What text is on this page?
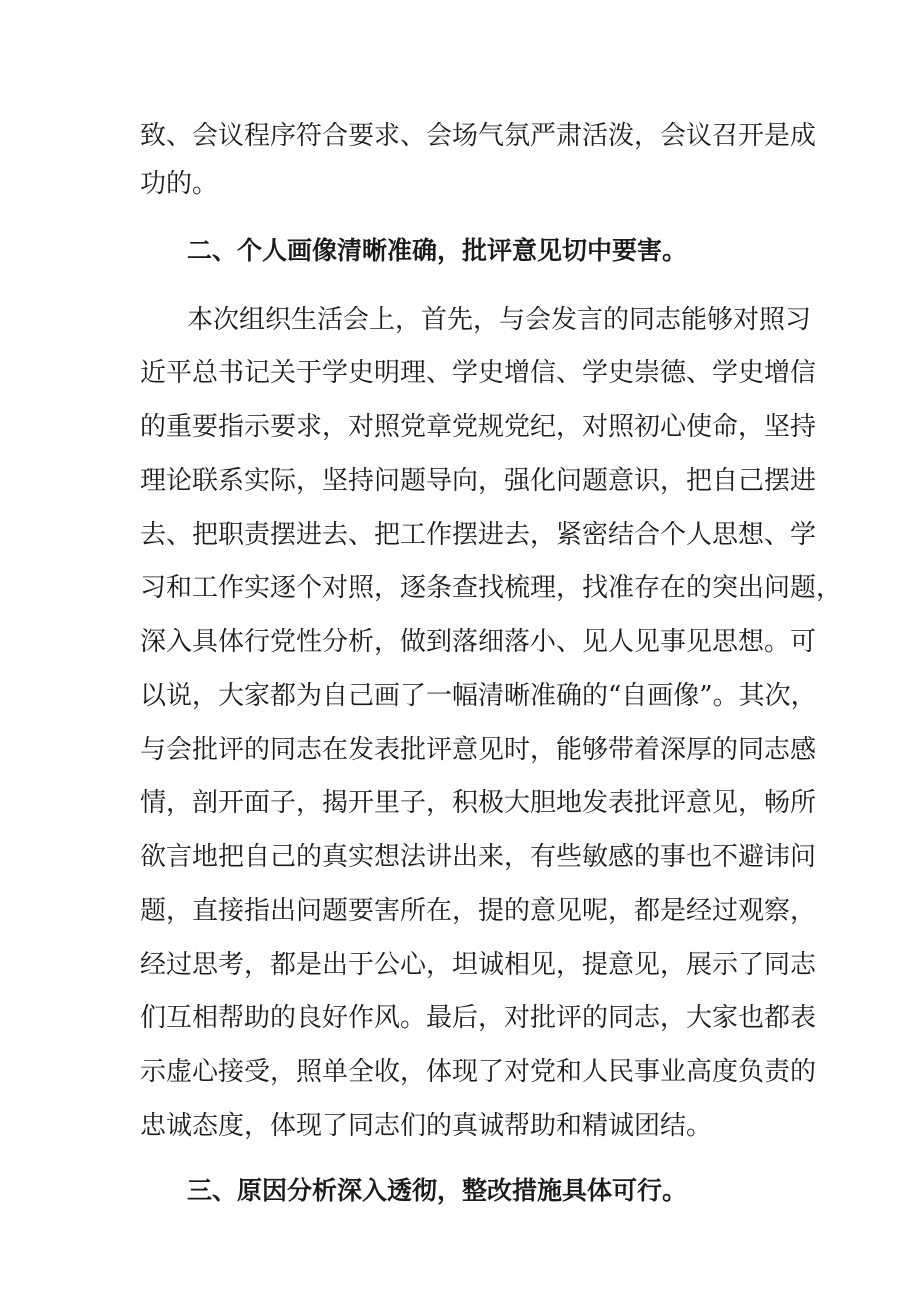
致、会议程序符合要求、会场气氛严肃活泼，会议召开是成
功的。
二、个人画像清晰准确，批评意见切中要害。
本次组织生活会上，首先，与会发言的同志能够对照习
近平总书记关于学史明理、学史增信、学史崇德、学史增信
的重要指示要求，对照党章党规党纪，对照初心使命，坚持
理论联系实际，坚持问题导向，强化问题意识，把自己摆进
去、把职责摆进去、把工作摆进去，紧密结合个人思想、学
习和工作实逐个对照，逐条查找梳理，找准存在的突出问题，
深入具体行党性分析，做到落细落小、见人见事见思想。可
以说，大家都为自己画了一幅清晰准确的“自画像”。其次，
与会批评的同志在发表批评意见时，能够带着深厚的同志感
情，剖开面子，揭开里子，积极大胆地发表批评意见，畅所
欲言地把自己的真实想法讲出来，有些敏感的事也不避讳问
题，直接指出问题要害所在，提的意见呢，都是经过观察，
经过思考，都是出于公心，坦诚相见，提意见，展示了同志
们互相帮助的良好作风。最后，对批评的同志，大家也都表
示虚心接受，照单全收，体现了对党和人民事业高度负责的
忠诚态度，体现了同志们的真诚帮助和精诚团结。
三、原因分析深入透彻，整改措施具体可行。
